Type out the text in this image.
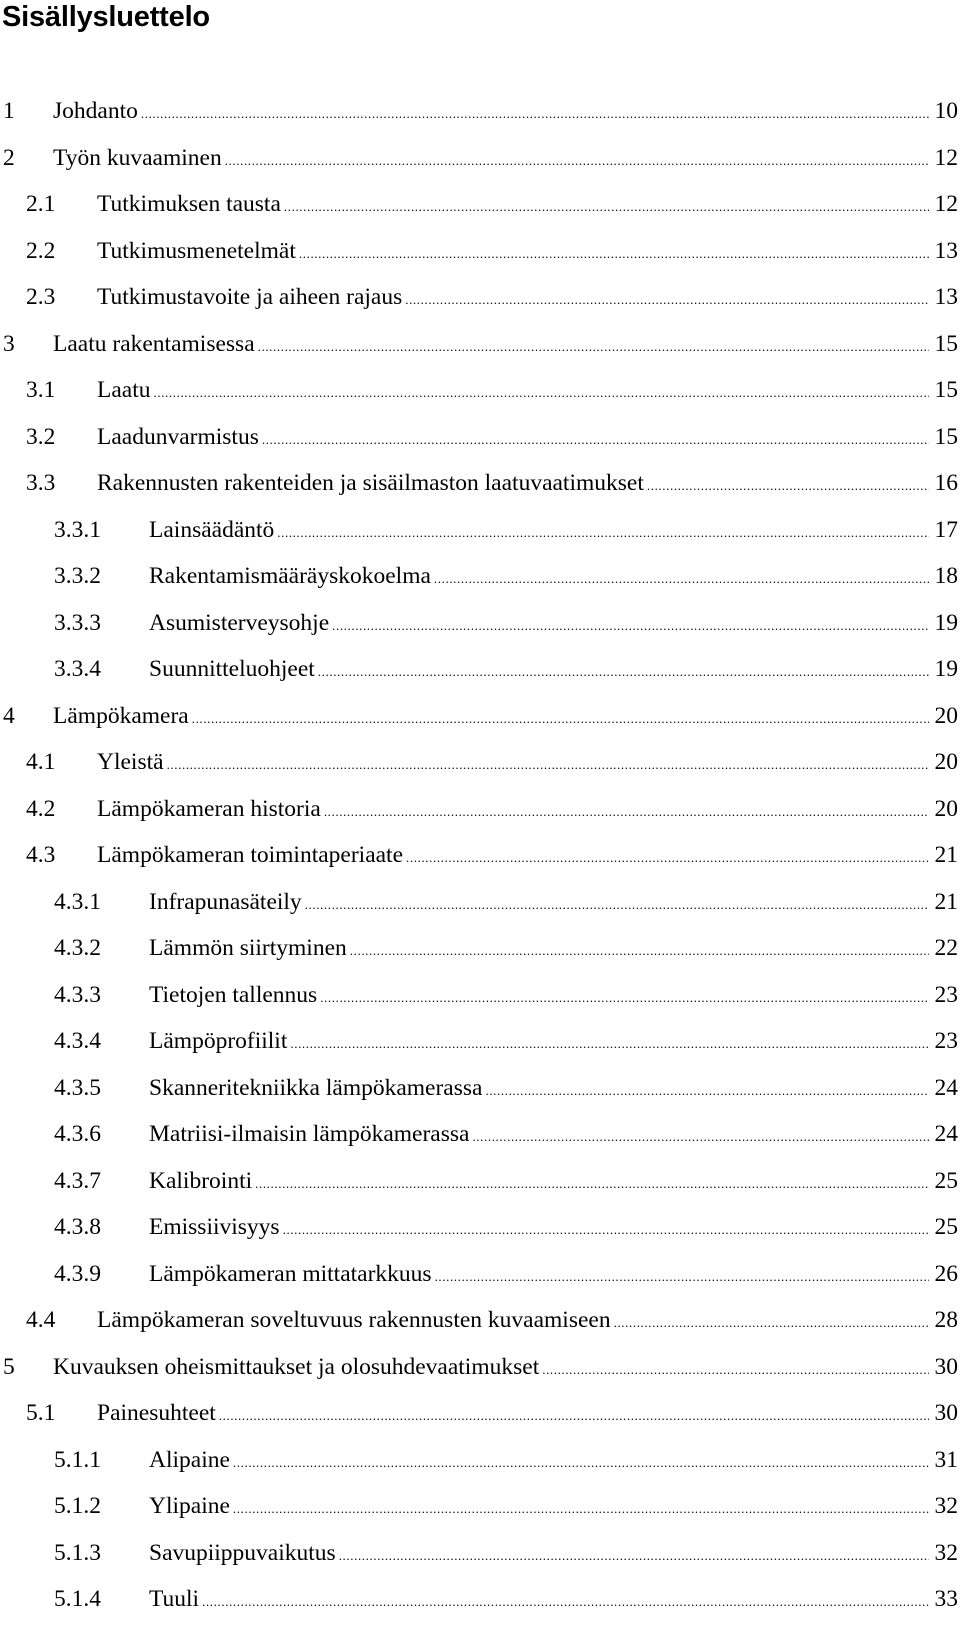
Sisällysluettelo
1	Johdanto .....	10
2	Työn kuvaaminen .....	12
2.1	Tutkimuksen tausta .....	12
2.2	Tutkimusmenetelmät .....	13
2.3	Tutkimustavoite ja aiheen rajaus .....	13
3	Laatu rakentamisessa .....	15
3.1	Laatu .....	15
3.2	Laadunvarmistus .....	15
3.3	Rakennusten rakenteiden ja sisäilmaston laatuvaatimukset .....	16
3.3.1	Lainsäädäntö .....	17
3.3.2	Rakentamismääräyskokoelma .....	18
3.3.3	Asumisterveysohje .....	19
3.3.4	Suunnitteluohjeet .....	19
4	Lämpökamera .....	20
4.1	Yleistä .....	20
4.2	Lämpökameran historia .....	20
4.3	Lämpökameran toimintaperiaate .....	21
4.3.1	Infrapunasäteily .....	21
4.3.2	Lämmön siirtyminen .....	22
4.3.3	Tietojen tallennus .....	23
4.3.4	Lämpöprofiilit .....	23
4.3.5	Skanneritekniikka lämpökamerassa .....	24
4.3.6	Matriisi-ilmaisin lämpökamerassa .....	24
4.3.7	Kalibrointi .....	25
4.3.8	Emissiivisyys .....	25
4.3.9	Lämpökameran mittatarkkuus .....	26
4.4	Lämpökameran soveltuvuus rakennusten kuvaamiseen .....	28
5	Kuvauksen oheismittaukset ja olosuhdevaatimukset .....	30
5.1	Painesuhteet .....	30
5.1.1	Alipaine .....	31
5.1.2	Ylipaine .....	32
5.1.3	Savupiippuvaikutus .....	32
5.1.4	Tuuli .....	33
